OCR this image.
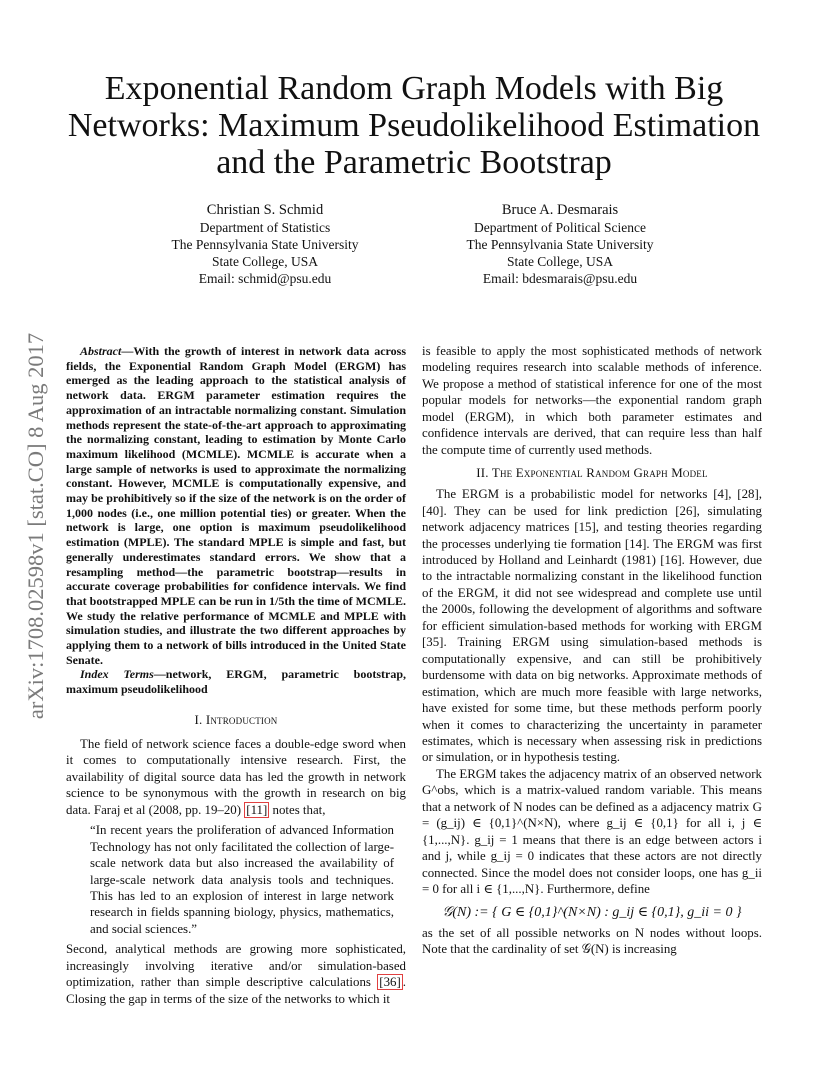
Exponential Random Graph Models with Big
Networks: Maximum Pseudolikelihood Estimation
and the Parametric Bootstrap
Christian S. Schmid
Department of Statistics
The Pennsylvania State University
State College, USA
Email: schmid@psu.edu
Bruce A. Desmarais
Department of Political Science
The Pennsylvania State University
State College, USA
Email: bdesmarais@psu.edu
arXiv:1708.02598v1 [stat.CO] 8 Aug 2017	Abstract—With the growth of interest in network data across fields, the Exponential Random Graph Model (ERGM) has emerged as the leading approach to the statistical analysis of network data. ERGM parameter estimation requires the approximation of an intractable normalizing constant. Simulation methods represent the state-of-the-art approach to approximating the normalizing constant, leading to estimation by Monte Carlo maximum likelihood (MCMLE). MCMLE is accurate when a large sample of networks is used to approximate the normalizing constant. However, MCMLE is computationally expensive, and may be prohibitively so if the size of the network is on the order of 1,000 nodes (i.e., one million potential ties) or greater. When the network is large, one option is maximum pseudolikelihood estimation (MPLE). The standard MPLE is simple and fast, but generally underestimates standard errors. We show that a resampling method—the parametric bootstrap—results in accurate coverage probabilities for confidence intervals. We find that bootstrapped MPLE can be run in 1/5th the time of MCMLE. We study the relative performance of MCMLE and MPLE with simulation studies, and illustrate the two different approaches by applying them to a network of bills introduced in the United State Senate.

Index Terms—network, ERGM, parametric bootstrap, maximum pseudolikelihood

I. Introduction

The field of network science faces a double-edge sword when it comes to computationally intensive research. First, the availability of digital source data has led the growth in network science to be synonymous with the growth in research on big data. Faraj et al (2008, pp. 19–20) [11] notes that,

“In recent years the proliferation of advanced Information Technology has not only facilitated the collection of large-scale network data but also increased the availability of large-scale network data analysis tools and techniques. This has led to an explosion of interest in large network research in fields spanning biology, physics, mathematics, and social sciences.”

Second, analytical methods are growing more sophisticated, increasingly involving iterative and/or simulation-based optimization, rather than simple descriptive calculations [36] . Closing the gap in terms of the size of the networks to which it

is feasible to apply the most sophisticated methods of network modeling requires research into scalable methods of inference. We propose a method of statistical inference for one of the most popular models for networks—the exponential random graph model (ERGM), in which both parameter estimates and confidence intervals are derived, that can require less than half the compute time of currently used methods.

II. The Exponential Random Graph Model

The ERGM is a probabilistic model for networks [4], [28], [40]. They can be used for link prediction [26], simulating network adjacency matrices [15], and testing theories regarding the processes underlying tie formation [14]. The ERGM was first introduced by Holland and Leinhardt (1981) [16]. However, due to the intractable normalizing constant in the likelihood function of the ERGM, it did not see widespread and complete use until the 2000s, following the development of algorithms and software for efficient simulation-based methods for working with ERGM [35]. Training ERGM using simulation-based methods is computationally expensive, and can still be prohibitively burdensome with data on big networks. Approximate methods of estimation, which are much more feasible with large networks, have existed for some time, but these methods perform poorly when it comes to characterizing the uncertainty in parameter estimates, which is necessary when assessing risk in predictions or simulation, or in hypothesis testing.

The ERGM takes the adjacency matrix of an observed network G^obs, which is a matrix-valued random variable. This means that a network of N nodes can be defined as a adjacency matrix G = (g_ij) ∈ {0,1}^(N×N), where g_ij ∈ {0,1} for all i, j ∈ {1,...,N}. g_ij = 1 means that there is an edge between actors i and j, while g_ij = 0 indicates that these actors are not directly connected. Since the model does not consider loops, one has g_ii = 0 for all i ∈ {1,...,N}. Furthermore, define

𝒢(N) := { G ∈ {0,1}^(N×N) : g_ij ∈ {0,1}, g_ii = 0 }

as the set of all possible networks on N nodes without loops. Note that the cardinality of set 𝒢(N) is increasing
